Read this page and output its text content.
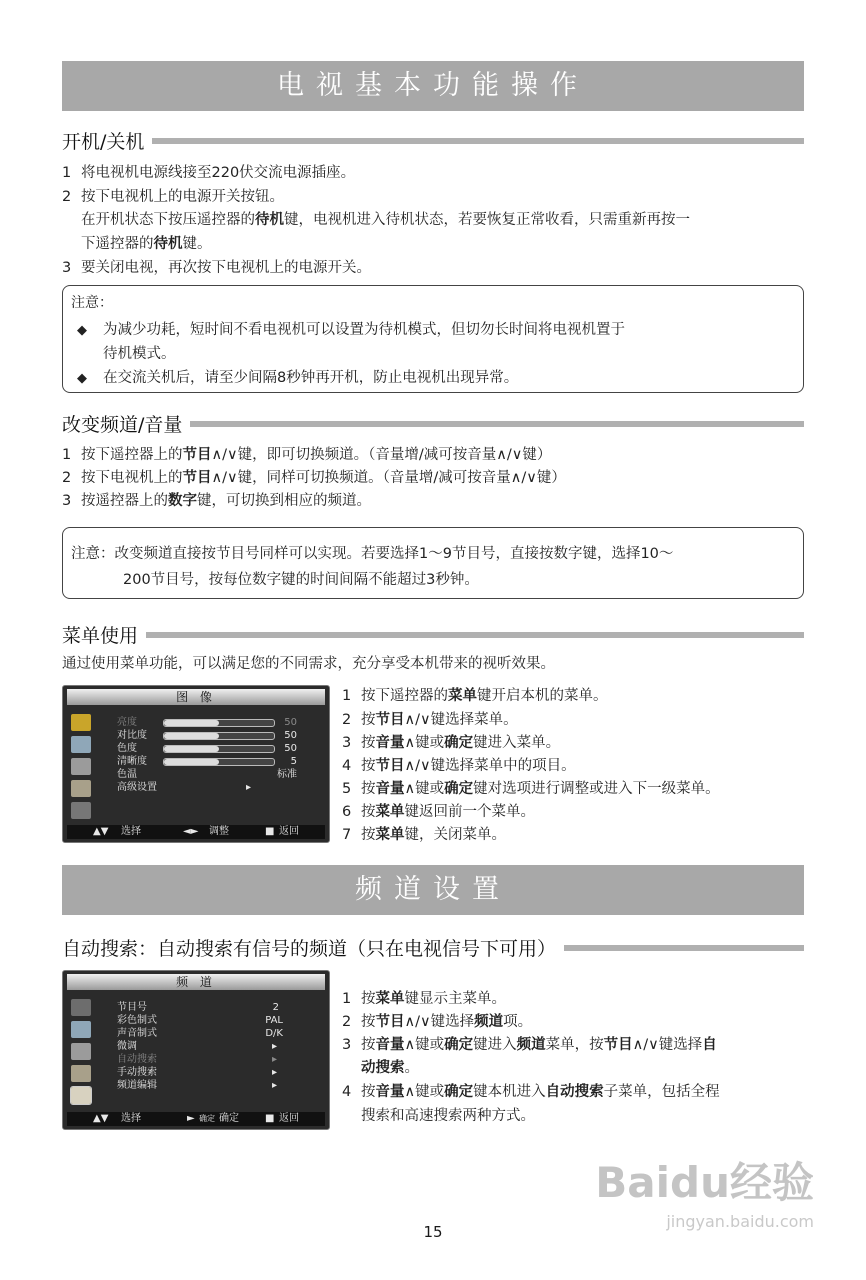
电视基本功能操作
开机/关机
1 将电视机电源线接至220伏交流电源插座。
2 按下电视机上的电源开关按钮。
在开机状态下按压遥控器的待机键，电视机进入待机状态，若要恢复正常收看，只需重新再按一
下遥控器的待机键。
3 要关闭电视，再次按下电视机上的电源开关。
注意：
◆ 为减少功耗，短时间不看电视机可以设置为待机模式，但切勿长时间将电视机置于
待机模式。
◆ 在交流关机后，请至少间隔8秒钟再开机，防止电视机出现异常。
改变频道/音量
1 按下遥控器上的节目∧/∨键，即可切换频道。（音量增/减可按音量∧/∨键）
2 按下电视机上的节目∧/∨键，同样可切换频道。（音量增/减可按音量∧/∨键）
3 按遥控器上的数字键，可切换到相应的频道。
注意：改变频道直接按节目号同样可以实现。若要选择1～9节目号，直接按数字键，选择10～
200节目号，按每位数字键的时间间隔不能超过3秒钟。
菜单使用
通过使用菜单功能，可以满足您的不同需求，充分享受本机带来的视听效果。
图 像
亮度	50
对比度	50
色度	50
清晰度	5
色温	标准
高级设置	▸
▲▼ 选择	◄► 调整	■ 返回
1 按下遥控器的菜单键开启本机的菜单。
2 按节目∧/∨键选择菜单。
3 按音量∧键或确定键进入菜单。
4 按节目∧/∨键选择菜单中的项目。
5 按音量∧键或确定键对选项进行调整或进入下一级菜单。
6 按菜单键返回前一个菜单。
7 按菜单键，关闭菜单。
频道设置
自动搜索：自动搜索有信号的频道（只在电视信号下可用）
频 道
节目号	2
彩色制式	PAL
声音制式	D/K
微调	▸
自动搜索	▸
手动搜索	▸
频道编辑	▸
▲▼ 选择	► 确定 确定	■ 返回
1 按菜单键显示主菜单。
2 按节目∧/∨键选择频道项。
3 按音量∧键或确定键进入频道菜单，按节目∧/∨键选择自
动搜索。
4 按音量∧键或确定键本机进入自动搜索子菜单，包括全程
搜索和高速搜索两种方式。
Baidu经验
jingyan.baidu.com
15
